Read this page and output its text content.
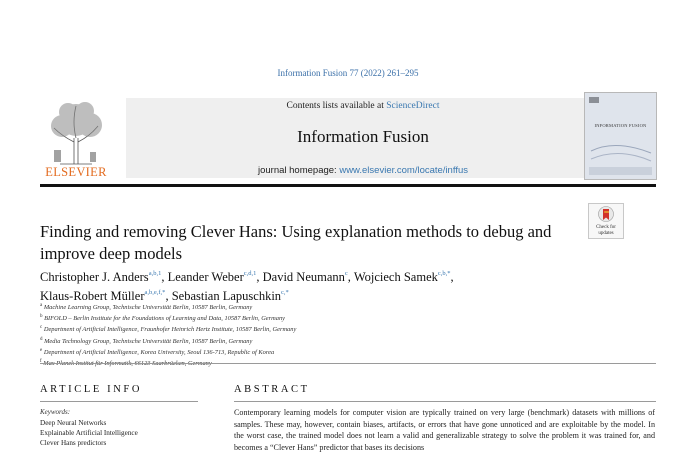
Information Fusion 77 (2022) 261–295
ELSEVIER
Contents lists available at ScienceDirect
Information Fusion
journal homepage: www.elsevier.com/locate/inffus
INFORMATION FUSION
Finding and removing Clever Hans: Using explanation methods to debug and improve deep models
Check for updates
Christopher J. Anders$^{a,b,1}$, Leander Weber$^{c,d,1}$, David Neumann$^c$, Wojciech Samek$^{c,b,*}$,
Klaus-Robert Müller$^{a,b,e,f,*}$, Sebastian Lapuschkin$^{c,*}$
$^a$ Machine Learning Group, Technische Universität Berlin, 10587 Berlin, Germany
$^b$ BIFOLD – Berlin Institute for the Foundations of Learning and Data, 10587 Berlin, Germany
$^c$ Department of Artificial Intelligence, Fraunhofer Heinrich Hertz Institute, 10587 Berlin, Germany
$^d$ Media Technology Group, Technische Universität Berlin, 10587 Berlin, Germany
$^e$ Department of Artificial Intelligence, Korea University, Seoul 136-713, Republic of Korea
$^f$
ARTICLE INFO	ABSTRACT
Keywords:
Deep Neural Networks
Explainable Artificial Intelligence
Clever Hans predictors
Contemporary learning models for computer vision are typically trained on very large (benchmark) datasets with millions of samples. These may, however, contain biases, artifacts, or errors that have gone unnoticed and are exploitable by the model. In the worst case, the trained model does not learn a valid and generalizable strategy to solve the problem it was trained for, and becomes a “Clever Hans” predictor that bases its decisions
